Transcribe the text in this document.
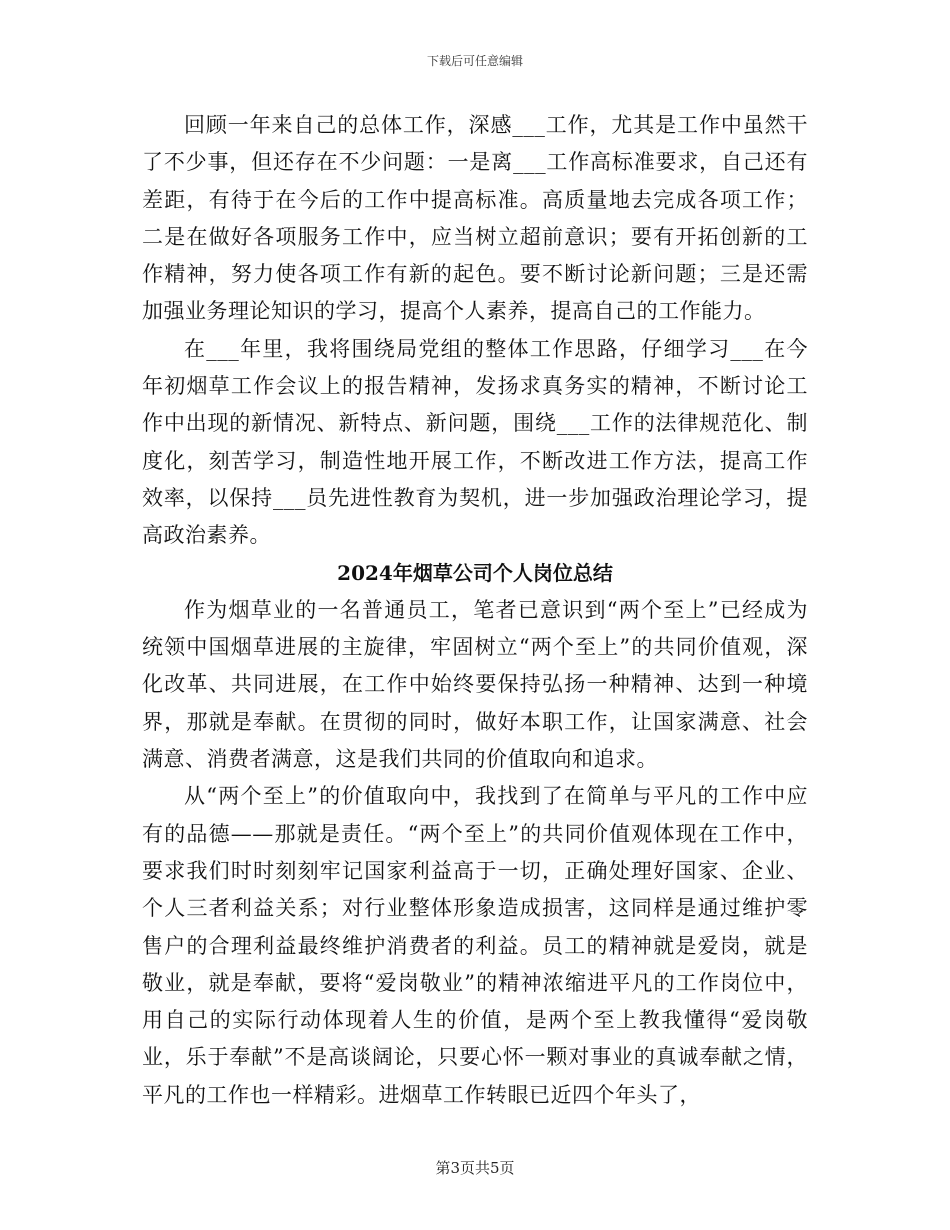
下载后可任意编辑

回顾一年来自己的总体工作，深感___工作，尤其是工作中虽然干了不少事，但还存在不少问题：一是离___工作高标准要求，自己还有差距，有待于在今后的工作中提高标准。高质量地去完成各项工作；二是在做好各项服务工作中，应当树立超前意识；要有开拓创新的工作精神，努力使各项工作有新的起色。要不断讨论新问题；三是还需加强业务理论知识的学习，提高个人素养，提高自己的工作能力。

在___年里，我将围绕局党组的整体工作思路，仔细学习___在今年初烟草工作会议上的报告精神，发扬求真务实的精神，不断讨论工作中出现的新情况、新特点、新问题，围绕___工作的法律规范化、制度化，刻苦学习，制造性地开展工作，不断改进工作方法，提高工作效率，以保持___员先进性教育为契机，进一步加强政治理论学习，提高政治素养。

2024年烟草公司个人岗位总结

作为烟草业的一名普通员工，笔者已意识到“两个至上”已经成为统领中国烟草进展的主旋律，牢固树立“两个至上”的共同价值观，深化改革、共同进展，在工作中始终要保持弘扬一种精神、达到一种境界，那就是奉献。在贯彻的同时，做好本职工作，让国家满意、社会满意、消费者满意，这是我们共同的价值取向和追求。

从“两个至上”的价值取向中，我找到了在简单与平凡的工作中应有的品德——那就是责任。“两个至上”的共同价值观体现在工作中，要求我们时时刻刻牢记国家利益高于一切，正确处理好国家、企业、个人三者利益关系；对行业整体形象造成损害，这同样是通过维护零售户的合理利益最终维护消费者的利益。员工的精神就是爱岗，就是敬业，就是奉献，要将“爱岗敬业”的精神浓缩进平凡的工作岗位中，用自己的实际行动体现着人生的价值，是两个至上教我懂得“爱岗敬业，乐于奉献”不是高谈阔论，只要心怀一颗对事业的真诚奉献之情，平凡的工作也一样精彩。进烟草工作转眼已近四个年头了，

第3页共5页
